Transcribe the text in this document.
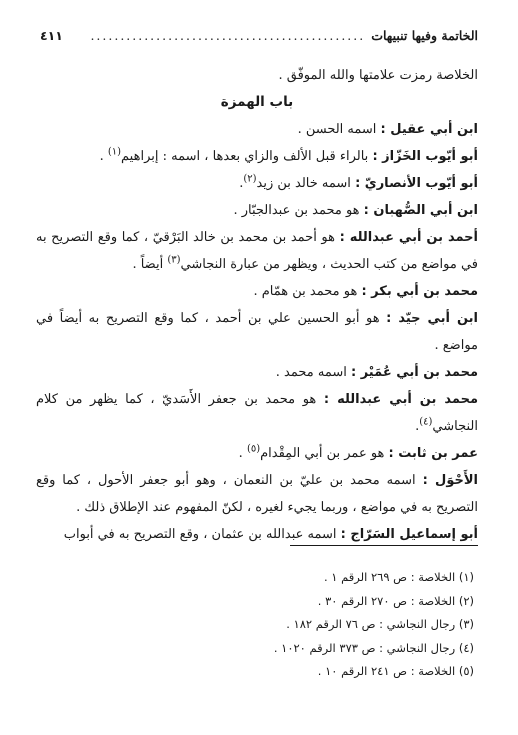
الخاتمة وفيها تنبيهات
..............................................
٤١١
الخلاصة رمزت علامتها والله الموفّق .
باب الهمزة
ابن أبي عقيل : اسمه الحسن .
أبو أيّوب الخَزّاز : بالراء قبل الألف والزاي بعدها ، اسمه : إبراهيم$^{(١)}$ .
أبو أيّوب الأنصاريّ : اسمه خالد بن زيد$^{(٢)}$.
ابن أبي الصُّهبان : هو محمد بن عبدالجبّار .
أحمد بن أبي عبدالله : هو أحمد بن محمد بن خالد البَرْقيّ ، كما وقع التصريح به في مواضع من كتب الحديث ، ويظهر من عبارة النجاشي$^{(٣)}$ أيضاً .
محمد بن أبي بكر : هو محمد بن همّام .
ابن أبي جيّد : هو أبو الحسين علي بن أحمد ، كما وقع التصريح به أيضاً في مواضع .
محمد بن أبي عُمَيْر : اسمه محمد .
محمد بن أبي عبدالله : هو محمد بن جعفر الأَسَديّ ، كما يظهر من كلام النجاشي$^{(٤)}$.
عمر بن ثابت : هو عمر بن أبي المِقْدام$^{(٥)}$ .
الأَحْوَل : اسمه محمد بن عليّ بن النعمان ، وهو أبو جعفر الأحول ، كما وقع التصريح به في مواضع ، وربما يجيء لغيره ، لكنّ المفهوم عند الإطلاق ذلك .
أبو إسماعيل السَرّاج : اسمه عبدالله بن عثمان ، وقع التصريح به في أبواب
(١) الخلاصة : ص ٢٦٩ الرقم ١ .
(٢) الخلاصة : ص ٢٧٠ الرقم ٣٠ .
(٣) رجال النجاشي : ص ٧٦ الرقم ١٨٢ .
(٤) رجال النجاشي : ص ٣٧٣ الرقم ١٠٢٠ .
(٥) الخلاصة : ص ٢٤١ الرقم ١٠ .
